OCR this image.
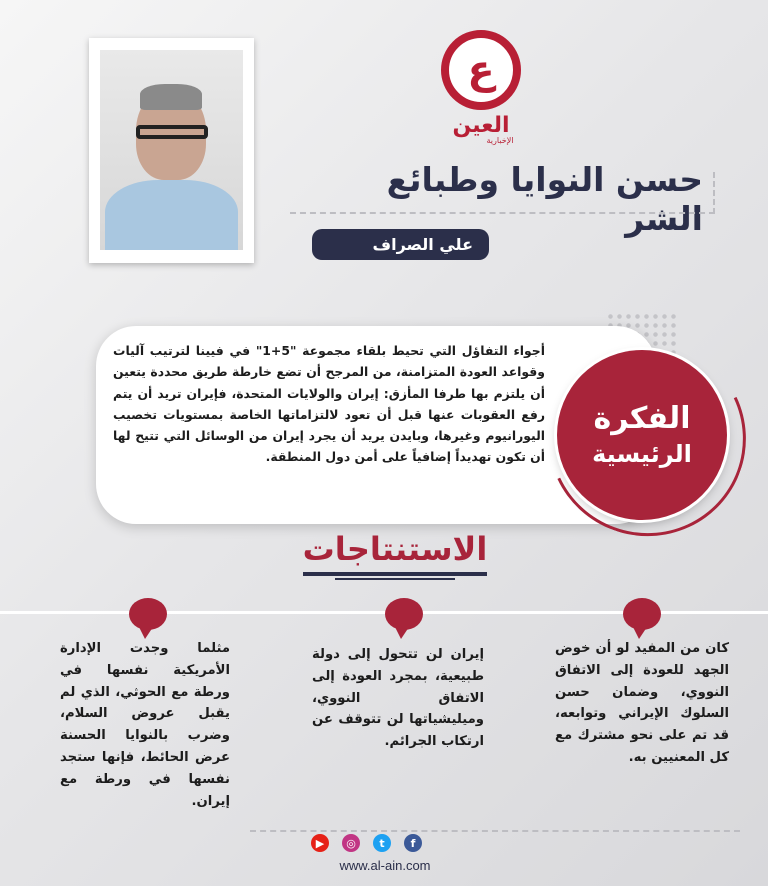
ع
العين
الإخبارية
حسن النوايا وطبائع الشر
علي الصراف
أجواء التفاؤل التي تحيط بلقاء مجموعة "5+1" في فيينا لترتيب آليات وقواعد العودة المتزامنة، من المرجح أن تضع خارطة طريق محددة يتعين أن يلتزم بها طرفا المأزق: إيران والولايات المتحدة، فإيران تريد أن يتم رفع العقوبات عنها قبل أن تعود لالتزاماتها الخاصة بمستويات تخصيب اليورانيوم وغيرها، وبايدن يريد أن يجرد إيران من الوسائل التي تتيح لها أن تكون تهديداً إضافياً على أمن دول المنطقة.
الفكرة
الرئيسية
الاستنتاجات
كان من المفيد لو أن خوض الجهد للعودة إلى الاتفاق النووي، وضمان حسن السلوك الإيراني وتوابعه، قد تم على نحو مشترك مع كل المعنيين به.
إيران لن تتحول إلى دولة طبيعية، بمجرد العودة إلى الاتفاق النووي، وميليشياتها لن تتوقف عن ارتكاب الجرائم.
مثلما وجدت الإدارة الأمريكية نفسها في ورطة مع الحوثي، الذي لم يقبل عروض السلام، وضرب بالنوايا الحسنة عرض الحائط، فإنها ستجد نفسها في ورطة مع إيران.
f
t
◎
▶
www.al-ain.com
